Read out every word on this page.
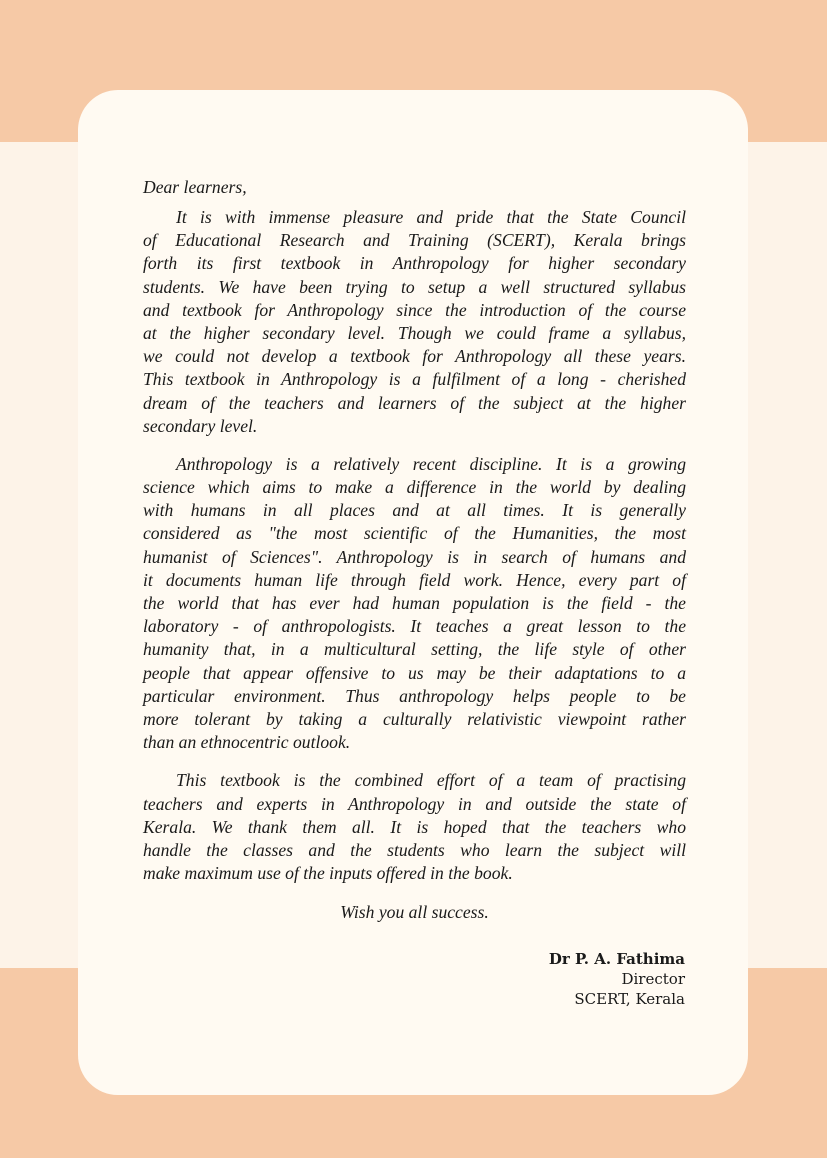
Dear learners,
It is with immense pleasure and pride that the State Council
of Educational Research and Training (SCERT), Kerala brings
forth its first textbook in Anthropology for higher secondary
students. We have been trying to setup a well structured syllabus
and textbook for Anthropology since the introduction of the course
at the higher secondary level. Though we could frame a syllabus,
we could not develop a textbook for Anthropology all these years.
This textbook in Anthropology is a fulfilment of a long - cherished
dream of the teachers and learners of the subject at the higher
secondary level.
Anthropology is a relatively recent discipline. It is a growing
science which aims to make a difference in the world by dealing
with humans in all places and at all times. It is generally
considered as "the most scientific of the Humanities, the most
humanist of Sciences". Anthropology is in search of humans and
it documents human life through field work. Hence, every part of
the world that has ever had human population is the field - the
laboratory - of anthropologists. It teaches a great lesson to the
humanity that, in a multicultural setting, the life style of other
people that appear offensive to us may be their adaptations to a
particular environment. Thus anthropology helps people to be
more tolerant by taking a culturally relativistic viewpoint rather
than an ethnocentric outlook.
This textbook is the combined effort of a team of practising
teachers and experts in Anthropology in and outside the state of
Kerala. We thank them all. It is hoped that the teachers who
handle the classes and the students who learn the subject will
make maximum use of the inputs offered in the book.
Wish you all success.
Dr P. A. Fathima
Director
SCERT, Kerala
